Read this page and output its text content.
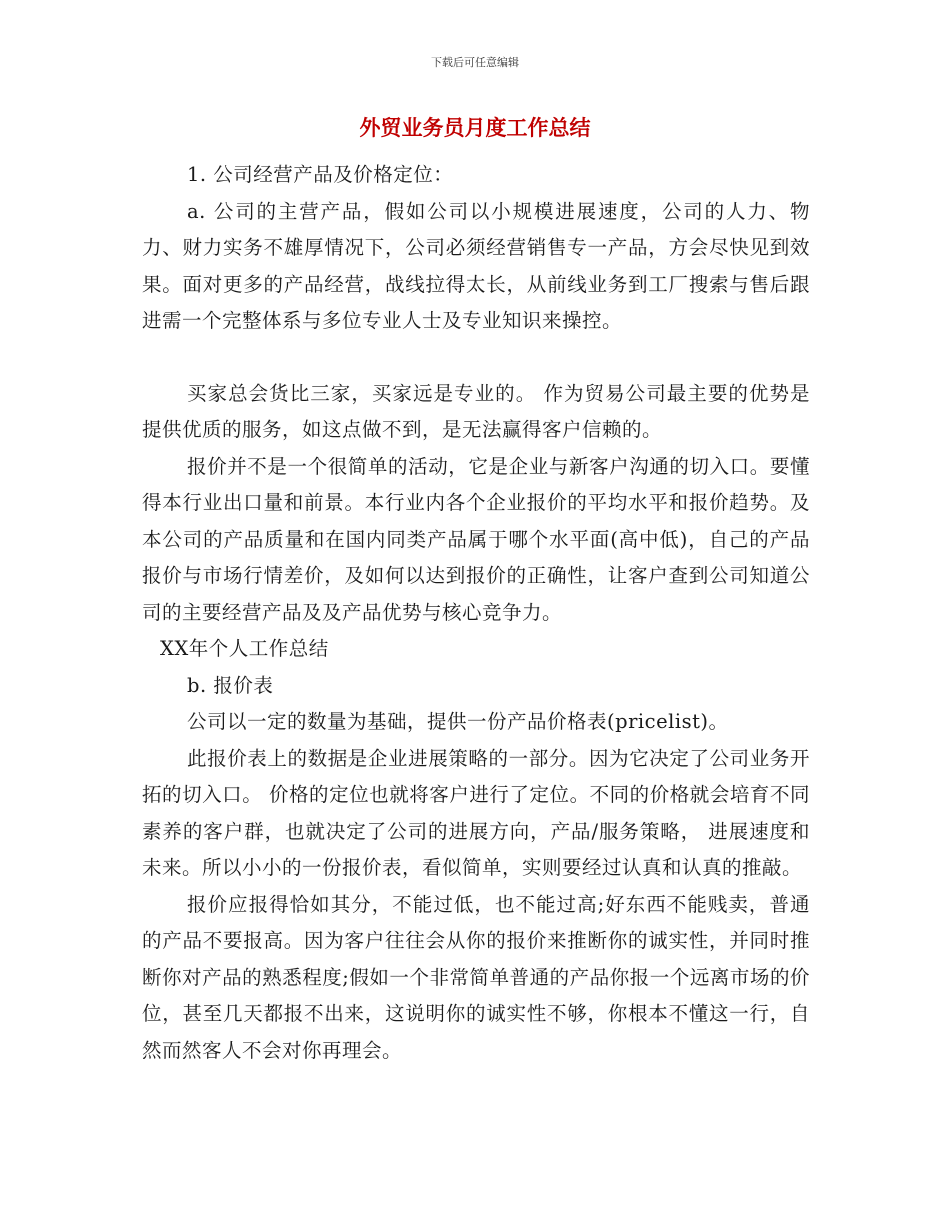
下载后可任意编辑
外贸业务员月度工作总结

1. 公司经营产品及价格定位：

a. 公司的主营产品，假如公司以小规模进展速度，公司的人力、物力、财力实务不雄厚情况下，公司必须经营销售专一产品，方会尽快见到效果。面对更多的产品经营，战线拉得太长，从前线业务到工厂搜索与售后跟进需一个完整体系与多位专业人士及专业知识来操控。

买家总会货比三家，买家远是专业的。 作为贸易公司最主要的优势是提供优质的服务，如这点做不到，是无法赢得客户信赖的。

报价并不是一个很简单的活动，它是企业与新客户沟通的切入口。要懂得本行业出口量和前景。本行业内各个企业报价的平均水平和报价趋势。及本公司的产品质量和在国内同类产品属于哪个水平面(高中低)，自己的产品报价与市场行情差价，及如何以达到报价的正确性，让客户查到公司知道公司的主要经营产品及及产品优势与核心竞争力。

XX年个人工作总结

b. 报价表

公司以一定的数量为基础，提供一份产品价格表(pricelist)。

此报价表上的数据是企业进展策略的一部分。因为它决定了公司业务开拓的切入口。 价格的定位也就将客户进行了定位。不同的价格就会培育不同素养的客户群，也就决定了公司的进展方向，产品/服务策略， 进展速度和未来。所以小小的一份报价表，看似简单，实则要经过认真和认真的推敲。

报价应报得恰如其分，不能过低，也不能过高;好东西不能贱卖，普通的产品不要报高。因为客户往往会从你的报价来推断你的诚实性，并同时推断你对产品的熟悉程度;假如一个非常简单普通的产品你报一个远离市场的价位，甚至几天都报不出来，这说明你的诚实性不够，你根本不懂这一行，自然而然客人不会对你再理会。
